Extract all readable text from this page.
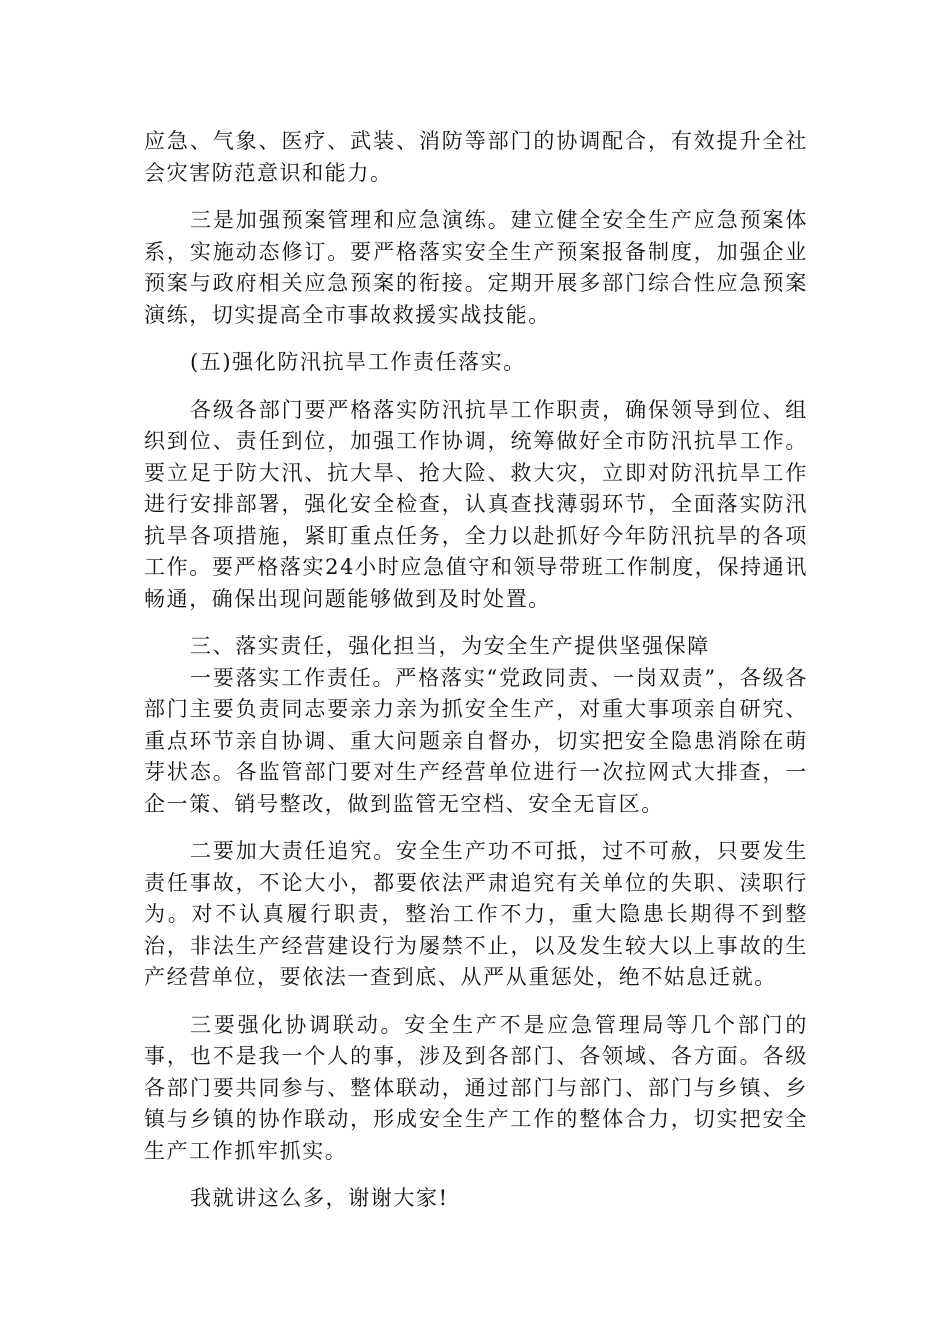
应急、气象、医疗、武装、消防等部门的协调配合，有效提升全社会灾害防范意识和能力。

三是加强预案管理和应急演练。建立健全安全生产应急预案体系，实施动态修订。要严格落实安全生产预案报备制度，加强企业预案与政府相关应急预案的衔接。定期开展多部门综合性应急预案演练，切实提高全市事故救援实战技能。

(五)强化防汛抗旱工作责任落实。

各级各部门要严格落实防汛抗旱工作职责，确保领导到位、组织到位、责任到位，加强工作协调，统筹做好全市防汛抗旱工作。要立足于防大汛、抗大旱、抢大险、救大灾，立即对防汛抗旱工作进行安排部署，强化安全检查，认真查找薄弱环节，全面落实防汛抗旱各项措施，紧盯重点任务，全力以赴抓好今年防汛抗旱的各项工作。要严格落实24小时应急值守和领导带班工作制度，保持通讯畅通，确保出现问题能够做到及时处置。

三、落实责任，强化担当，为安全生产提供坚强保障

一要落实工作责任。严格落实“党政同责、一岗双责”，各级各部门主要负责同志要亲力亲为抓安全生产，对重大事项亲自研究、重点环节亲自协调、重大问题亲自督办，切实把安全隐患消除在萌芽状态。各监管部门要对生产经营单位进行一次拉网式大排查，一企一策、销号整改，做到监管无空档、安全无盲区。

二要加大责任追究。安全生产功不可抵，过不可赦，只要发生责任事故，不论大小，都要依法严肃追究有关单位的失职、渎职行为。对不认真履行职责，整治工作不力，重大隐患长期得不到整治，非法生产经营建设行为屡禁不止，以及发生较大以上事故的生产经营单位，要依法一查到底、从严从重惩处，绝不姑息迁就。

三要强化协调联动。安全生产不是应急管理局等几个部门的事，也不是我一个人的事，涉及到各部门、各领域、各方面。各级各部门要共同参与、整体联动，通过部门与部门、部门与乡镇、乡镇与乡镇的协作联动，形成安全生产工作的整体合力，切实把安全生产工作抓牢抓实。

我就讲这么多，谢谢大家!
